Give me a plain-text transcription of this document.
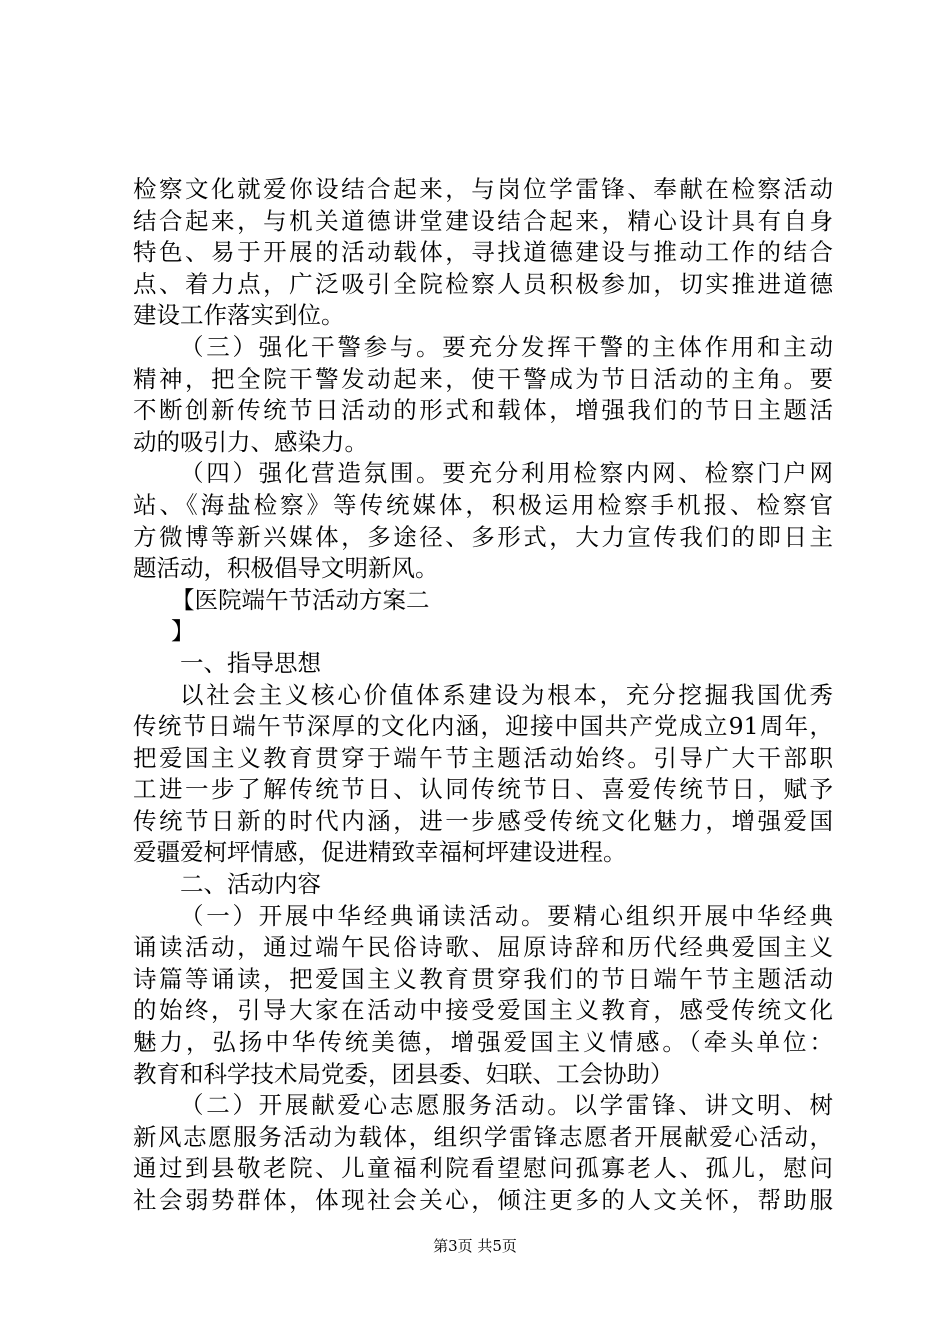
检察文化就爱你设结合起来，与岗位学雷锋、奉献在检察活动
结合起来，与机关道德讲堂建设结合起来，精心设计具有自身
特色、易于开展的活动载体，寻找道德建设与推动工作的结合
点、着力点，广泛吸引全院检察人员积极参加，切实推进道德
建设工作落实到位。
（三）强化干警参与。要充分发挥干警的主体作用和主动
精神，把全院干警发动起来，使干警成为节日活动的主角。要
不断创新传统节日活动的形式和载体，增强我们的节日主题活
动的吸引力、感染力。
（四）强化营造氛围。要充分利用检察内网、检察门户网
站、《海盐检察》等传统媒体，积极运用检察手机报、检察官
方微博等新兴媒体，多途径、多形式，大力宣传我们的即日主
题活动，积极倡导文明新风。
【医院端午节活动方案二
】
一、指导思想
以社会主义核心价值体系建设为根本，充分挖掘我国优秀
传统节日端午节深厚的文化内涵，迎接中国共产党成立91周年，
把爱国主义教育贯穿于端午节主题活动始终。引导广大干部职
工进一步了解传统节日、认同传统节日、喜爱传统节日，赋予
传统节日新的时代内涵，进一步感受传统文化魅力，增强爱国
爱疆爱柯坪情感，促进精致幸福柯坪建设进程。
二、活动内容
（一）开展中华经典诵读活动。要精心组织开展中华经典
诵读活动，通过端午民俗诗歌、屈原诗辞和历代经典爱国主义
诗篇等诵读，把爱国主义教育贯穿我们的节日端午节主题活动
的始终，引导大家在活动中接受爱国主义教育，感受传统文化
魅力，弘扬中华传统美德，增强爱国主义情感。（牵头单位：
教育和科学技术局党委，团县委、妇联、工会协助）
（二）开展献爱心志愿服务活动。以学雷锋、讲文明、树
新风志愿服务活动为载体，组织学雷锋志愿者开展献爱心活动，
通过到县敬老院、儿童福利院看望慰问孤寡老人、孤儿，慰问
社会弱势群体，体现社会关心，倾注更多的人文关怀，帮助服
第3页 共5页
